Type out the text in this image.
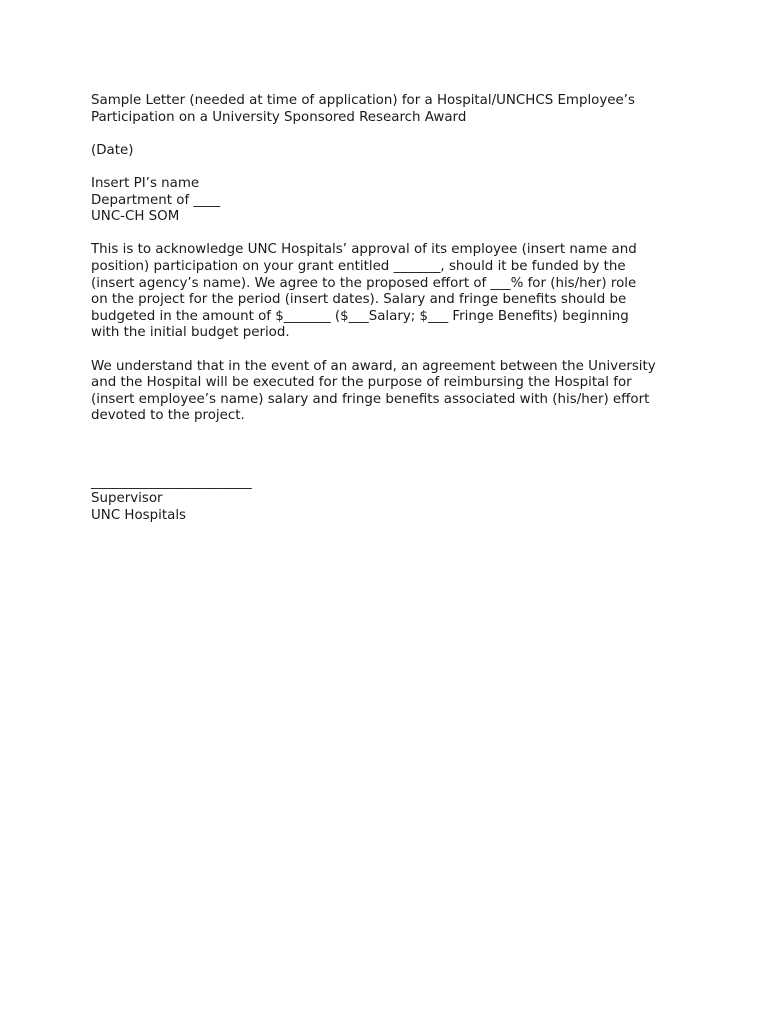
Sample Letter (needed at time of application) for a Hospital/UNCHCS Employee’s
Participation on a University Sponsored Research Award
(Date)
Insert PI’s name
Department of ____
UNC-CH SOM
This is to acknowledge UNC Hospitals’ approval of its employee (insert name and
position) participation on your grant entitled _______, should it be funded by the
(insert agency’s name). We agree to the proposed effort of ___% for (his/her) role
on the project for the period (insert dates). Salary and fringe benefits should be
budgeted in the amount of $_______ ($___Salary; $___ Fringe Benefits) beginning
with the initial budget period.
We understand that in the event of an award, an agreement between the University
and the Hospital will be executed for the purpose of reimbursing the Hospital for
(insert employee’s name) salary and fringe benefits associated with (his/her) effort
devoted to the project.
________________________
Supervisor
UNC Hospitals
